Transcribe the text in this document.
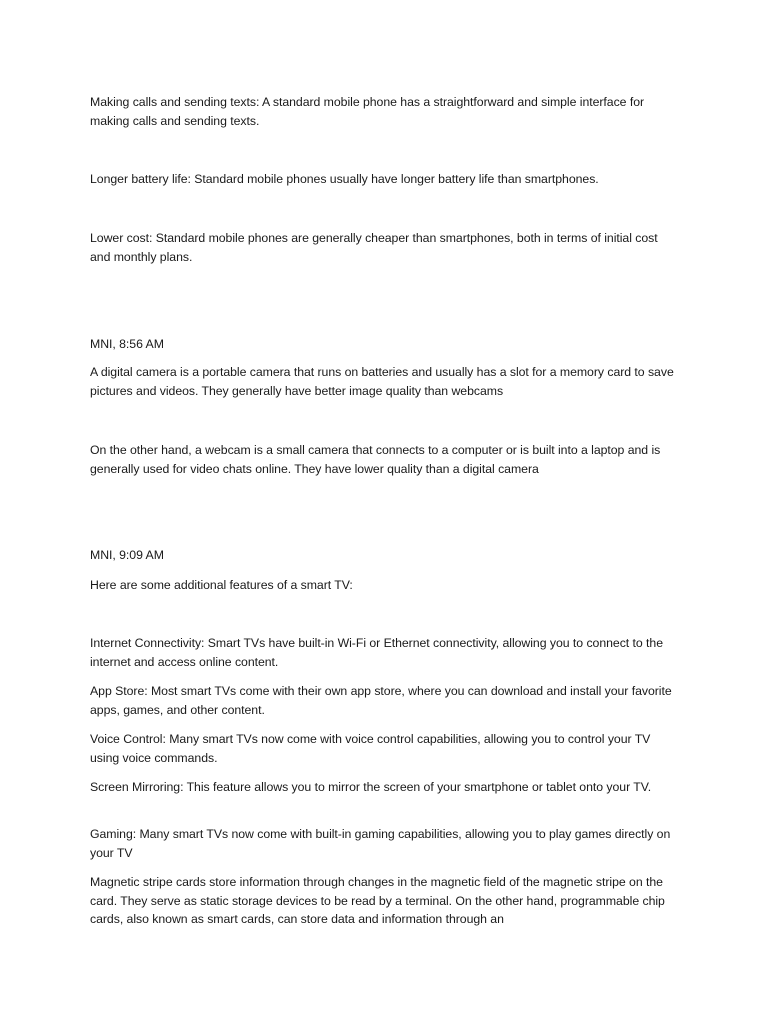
Making calls and sending texts: A standard mobile phone has a straightforward and simple interface for making calls and sending texts.

Longer battery life: Standard mobile phones usually have longer battery life than smartphones.

Lower cost: Standard mobile phones are generally cheaper than smartphones, both in terms of initial cost and monthly plans.

MNI, 8:56 AM

A digital camera is a portable camera that runs on batteries and usually has a slot for a memory card to save pictures and videos. They generally have better image quality than webcams

On the other hand, a webcam is a small camera that connects to a computer or is built into a laptop and is generally used for video chats online. They have lower quality than a digital camera

MNI, 9:09 AM

Here are some additional features of a smart TV:

Internet Connectivity: Smart TVs have built-in Wi-Fi or Ethernet connectivity, allowing you to connect to the internet and access online content.

App Store: Most smart TVs come with their own app store, where you can download and install your favorite apps, games, and other content.

Voice Control: Many smart TVs now come with voice control capabilities, allowing you to control your TV using voice commands.

Screen Mirroring: This feature allows you to mirror the screen of your smartphone or tablet onto your TV.

Gaming: Many smart TVs now come with built-in gaming capabilities, allowing you to play games directly on your TV

Magnetic stripe cards store information through changes in the magnetic field of the magnetic stripe on the card. They serve as static storage devices to be read by a terminal. On the other hand, programmable chip cards, also known as smart cards, can store data and information through an
